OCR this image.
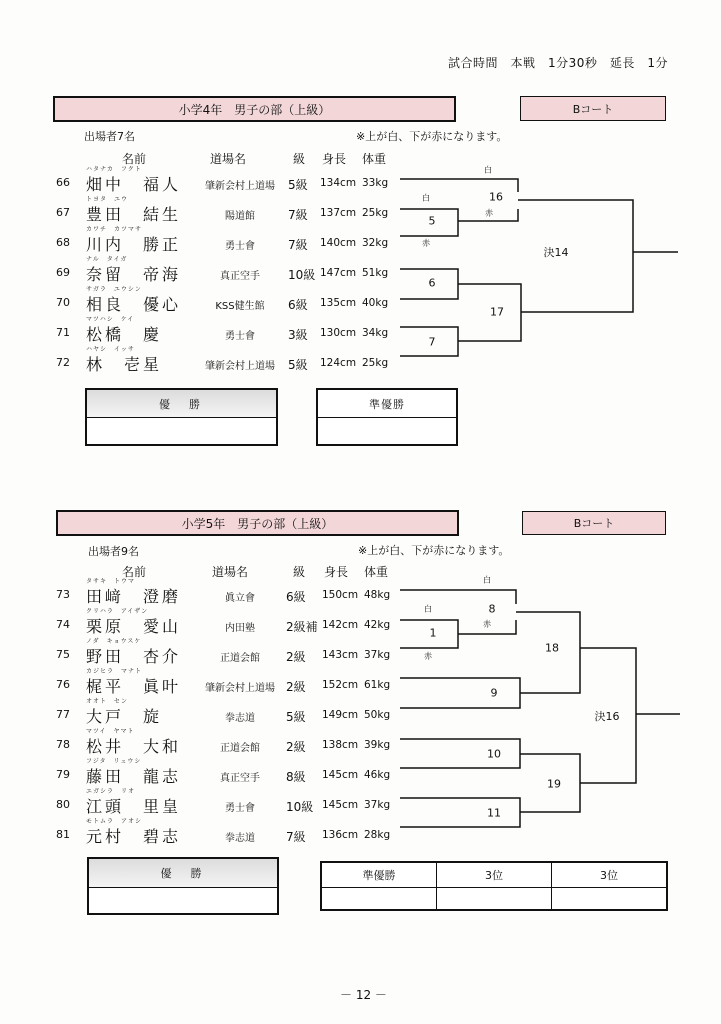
試合時間　本戦　1分30秒　延長　1分
小学4年　男子の部（上級）	Bコート
出場者7名	※上が白、下が赤になります。
名前	道場名	級 身長 体重
66
ハタナカ　フクト
畑中　福人 肇新会村上道場 5級 134cm 33kg
67
トヨタ　ユウ
豊田　結生	陽道館	7級 137cm 25kg
68
カワチ　カツマサ
川内　勝正	勇士會	7級 140cm 32kg
69
ナル　タイガ
奈留　帝海	真正空手 10級 147cm 51kg
70
サガラ　ユウシン
相良　優心	KSS健生館 6級 135cm 40kg
71
マツハシ　ケイ
松橋　慶	勇士會	3級 130cm 34kg
72
ハヤシ　イッサ
林　壱星	肇新会村上道場 5級 124cm 25kg
16
白
赤
5
白
赤
決14
6
17
7
優　勝	準優勝
小学5年　男子の部（上級）	Bコート
出場者9名	※上が白、下が赤になります。
名前	道場名	級 身長 体重
73
タサキ　トウマ
田﨑　澄磨	眞立會	6級 150cm 48kg
74
クリハラ　アイザン
栗原　愛山	内田塾	2級補 142cm 42kg
75
ノダ　キョウスケ
野田　杏介	正道会館 2級 143cm 37kg
76
カジヒラ　マナト
梶平　眞叶 肇新会村上道場 2級 152cm 61kg
77
オオト　セン
大戸　旋	拳志道	5級 149cm 50kg
78
マツイ　ヤマト
松井　大和	正道会館 2級 138cm 39kg
79
フジタ　リュウシ
藤田　龍志	真正空手 8級 145cm 46kg
80
エガシラ　リオ
江頭　里皇	勇士會	10級 145cm 37kg
81
モトムラ　アオシ
元村　碧志	拳志道	7級 136cm 28kg
8
白
赤
1
白
赤
18
9
決16
10
19
11
優　勝	準優勝	3位	3位
－ 12 －
